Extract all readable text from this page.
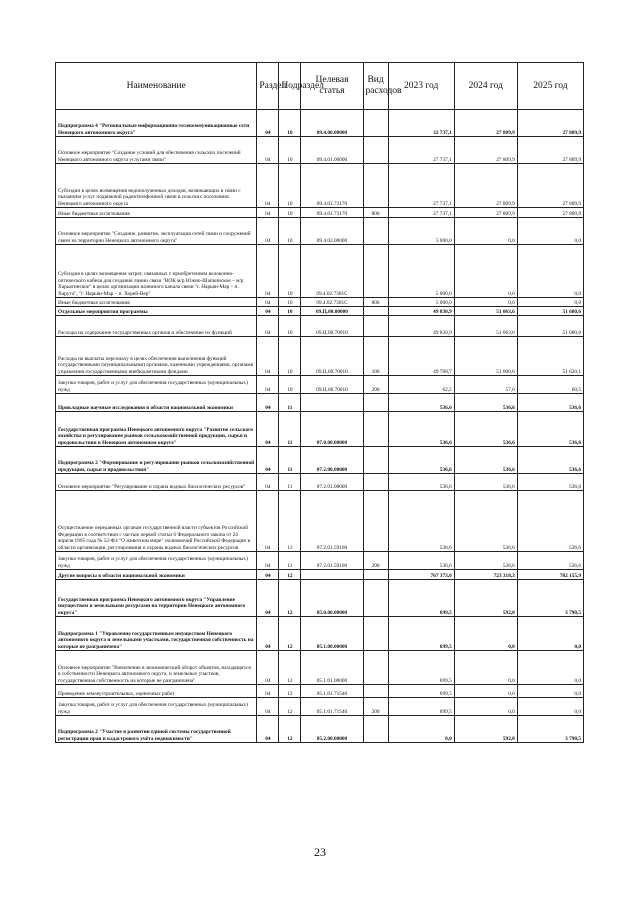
Наименование	Раздел	Подраздел	Целевая статья	Вид расходов	2023 год	2024 год	2025 год
Подпрограмма 4 "Региональные информационно-телекоммуникационные сети Ненецкого автономного округа"	04	10	09.4.00.00000		32 737,1	27 809,9	27 809,9
Основное мероприятие "Создание условий для обеспечения сельских поселений Ненецкого автономного округа услугами связи"	04	10	09.4.01.00000		27 737,1	27 809,9	27 809,9
Субсидии в целях возмещения недополученных доходов, возникающих в связи с оказанием услуг подвижной радиотелефонной связи в сельских поселениях Ненецкого автономного округа	04	10	09.4.01.73170		27 737,1	27 809,9	27 809,9
Иные бюджетные ассигнования	04	10	09.4.01.73170	800	27 737,1	27 809,9	27 809,9
Основное мероприятие "Создание, развитие, эксплуатация сетей связи и сооружений связи на территории Ненецкого автономного округа"	04	10	09.4.02.00000		5 000,0	0,0	0,0
Субсидия в целях возмещения затрат, связанных с приобретением волоконно-оптического кабеля для создания линии связи "ВОК м/р Южно-Шапкинское – м/р Харьягинское" в целях организации наземного канала связи "г. Нарьян-Мар – п. Харута", "г. Нарьян-Мар – п. Хорей-Вер"	04	10	09.4.02.7381С		5 000,0	0,0	0,0
Иные бюджетные ассигнования	04	10	09.4.02.7381С	800	5 000,0	0,0	0,0
Отдельные мероприятия программы	04	10	09.Ц.00.00000		49 830,9	51 063,6	51 680,6
Расходы на содержание государственных органов и обеспечение их функций	04	10	09.Ц.00.70010		49 830,9	51 063,6	51 680,6
Расходы на выплаты персоналу в целях обеспечения выполнения функций государственными (муниципальными) органами, казенными учреждениями, органами управления государственными внебюджетными фондами	04	10	09.Ц.00.70010	100	49 768,7	51 006,6	51 620,1
Закупка товаров, работ и услуг для обеспечения государственных (муниципальных) нужд	04	10	09.Ц.00.70010	200	62,2	57,0	60,5
Прикладные научные исследования в области национальной экономики	04	11			536,6	536,6	536,6
Государственная программа Ненецкого автономного округа "Развитие сельского хозяйства и регулирование рынков сельскохозяйственной продукции, сырья и продовольствия в Ненецком автономном округе"	04	11	07.0.00.00000		536,6	536,6	536,6
Подпрограмма 2 "Формирование и регулирование рынков сельскохозяйственной продукции, сырья и продовольствия"	04	11	07.2.00.00000		536,6	536,6	536,6
Основное мероприятие "Регулирование и охрана водных биологических ресурсов"	04	11	07.2.01.00000		536,6	536,6	536,6
Осуществление переданных органам государственной власти субъектов Российской Федерации в соответствии с частью первой статьи 6 Федерального закона от 24 апреля 1995 года № 52-ФЗ "О животном мире" полномочий Российской Федерации в области организации, регулирования и охраны водных биологических ресурсов	04	11	07.2.01.59100		536,6	536,6	536,6
Закупка товаров, работ и услуг для обеспечения государственных (муниципальных) нужд	04	11	07.2.01.59100	200	536,6	536,6	536,6
Другие вопросы в области национальной экономики	04	12			767 373,0	723 318,3	702 155,9
Государственная программа Ненецкого автономного округа "Управление имуществом и земельными ресурсами на территории Ненецкого автономного округа"	04	12	05.0.00.00000		699,5	592,0	3 790,5
Подпрограмма 1 "Управление государственным имуществом Ненецкого автономного округа и земельными участками, государственная собственность на которые не разграничена"	04	12	05.1.00.00000		699,5	0,0	0,0
Основное мероприятие "Вовлечение в экономический оборот объектов, находящихся в собственности Ненецкого автономного округа, и земельных участков, государственная собственность на которые не разграничена"	04	12	05.1.01.00000		699,5	0,0	0,0
Проведение землеустроительных, оценочных работ	04	12	05.1.01.71540		699,5	0,0	0,0
Закупка товаров, работ и услуг для обеспечения государственных (муниципальных) нужд	04	12	05.1.01.71540	200	699,5	0,0	0,0
Подпрограмма 2 "Участие в развитии единой системы государственной регистрации прав и кадастрового учёта недвижимости"	04	12	05.2.00.00000		0,0	592,0	3 790,5
23
